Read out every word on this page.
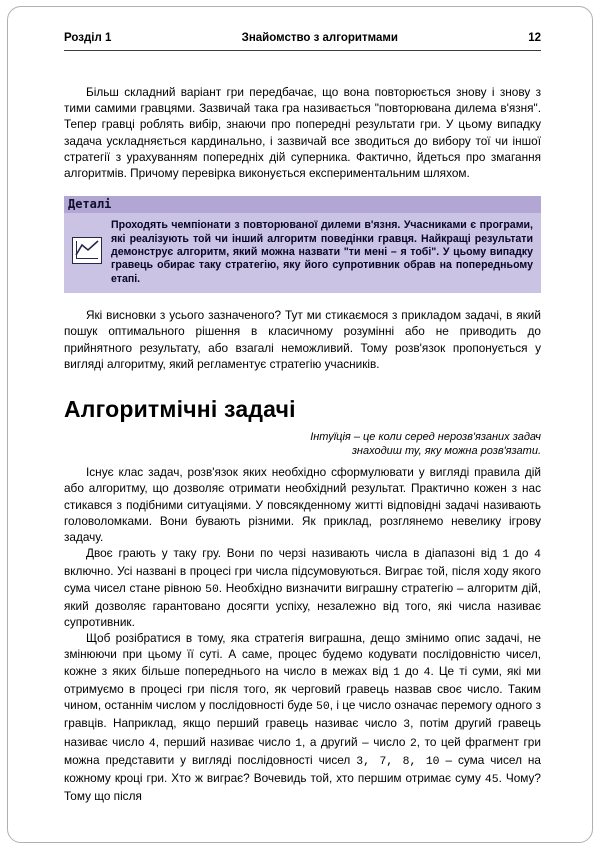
Розділ 1	Знайомство з алгоритмами	12

Більш складний варіант гри передбачає, що вона повторюється знову і знову з тими самими гравцями. Зазвичай така гра називається "повторювана дилема в'язня". Тепер гравці роблять вибір, знаючи про попередні результати гри. У цьому випадку задача ускладняється кардинально, і зазвичай все зводиться до вибору тої чи іншої стратегії з урахуванням попередніх дій суперника. Фактично, йдеться про змагання алгоритмів. Причому перевірка виконується експериментальним шляхом.

Деталі
Проходять чемпіонати з повторюваної дилеми в'язня. Учасниками є програми, які реалізують той чи інший алгоритм поведінки гравця. Найкращі результати демонструє алгоритм, який можна назвати "ти мені – я тобі". У цьому випадку гравець обирає таку стратегію, яку його супротивник обрав на попередньому етапі.

Які висновки з усього зазначеного? Тут ми стикаємося з прикладом задачі, в який пошук оптимального рішення в класичному розумінні або не приводить до прийнятного результату, або взагалі неможливий. Тому розв'язок пропонується у вигляді алгоритму, який регламентує стратегію учасників.

Алгоритмічні задачі
Інтуїція – це коли серед нерозв'язаних задач знаходиш ту, яку можна розв'язати.

Існує клас задач, розв'язок яких необхідно сформулювати у вигляді правила дій або алгоритму, що дозволяє отримати необхідний результат. Практично кожен з нас стикався з подібними ситуаціями. У повсякденному житті відповідні задачі називають головоломками. Вони бувають різними. Як приклад, розглянемо невелику ігрову задачу.

Двоє грають у таку гру. Вони по черзі називають числа в діапазоні від 1 до 4 включно. Усі названі в процесі гри числа підсумовуються. Виграє той, після ходу якого сума чисел стане рівною 50. Необхідно визначити виграшну стратегію – алгоритм дій, який дозволяє гарантовано досягти успіху, незалежно від того, які числа називає супротивник.

Щоб розібратися в тому, яка стратегія виграшна, дещо змінимо опис задачі, не змінюючи при цьому її суті. А саме, процес будемо кодувати послідовністю чисел, кожне з яких більше попереднього на число в межах від 1 до 4. Це ті суми, які ми отримуємо в процесі гри після того, як черговий гравець назвав своє число. Таким чином, останнім числом у послідовності буде 50, і це число означає перемогу одного з гравців. Наприклад, якщо перший гравець називає число 3, потім другий гравець називає число 4, перший називає число 1, а другий – число 2, то цей фрагмент гри можна представити у вигляді послідовності чисел 3, 7, 8, 10 – сума чисел на кожному кроці гри. Хто ж виграє? Вочевидь той, хто першим отримає суму 45. Чому? Тому що після
